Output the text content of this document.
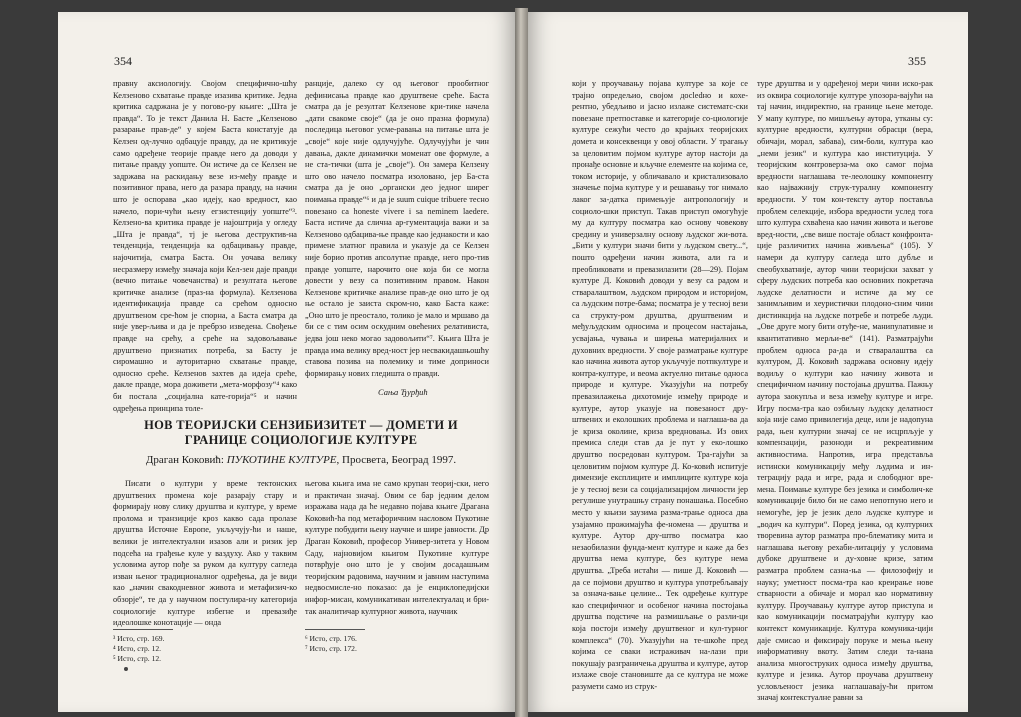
354

правну аксиологију. Својом специфично-шћу Келзеново схватање правде изазива критике. Једна критика садржана је у погово-ру књиге: „Шта је правда“. То је текст Данила Н. Басте „Келзеново разарање прав-де“ у којем Баста констатује да Келзен од-лучно одбацује правду, да не критикује само одређене теорије правде него да доводи у питање правду уопште. Он истиче да се Келзен не задржава на раскидању везе из-међу правде и позитивног права, него да разара правду, на начин што је оспорава „као идеју, као вредност, као начело, пори-чући њену егзистенцију уопште“³. Келзено-ва критика правде је најоштрија у огледу „Шта је правда“, тј је његова деструктив-на тенденција, тенденција ка одбацивању правде, најочитија, сматра Баста. Он уочава велику несразмеру између значаја који Кел-зен даје правди (вечно питање човечанства) и резултата његове критичке анализе (праз-на формула). Келзенова идентификација правде са срећом односно друштвеном сре-ћом је спорна, а Баста сматра да није увер-љива и да је пребрзо изведена. Свођење правде на срећу, а среће на задовољавање друштвено признатих потреба, за Басту је сиромашно и ауторитарно схватање правде, односно среће. Келзенов захтев да идеја среће, дакле правде, мора доживети „мета-морфозу“⁴ како би постала „социјална кате-горија“⁵ и начин одређења принципа толе-

ранције, далеко су од његовог прообитног дефинисања правде као друштвене среће. Баста сматра да је резултат Келзенове кри-тике начела „дати свакоме своје“ (да је оно празна формула) последица његовог усме-равања на питање шта је „своје“ које није одлучујуће. Одлучујући је чин давања, дакле динамички моменат ове формуле, а не ста-тички (шта је „своје“). Он замера Келзену што ово начело посматра изоловано, јер Ба-ста сматра да је оно „органски део једног ширег поимања правде“⁶ и да је suum cuique tribuere тесно повезано са honeste vivere i sa neminem laedere. Баста истиче да слична ар-гументација важи и за Келзеново одбацива-ње правде као једнакости и као примене златног правила и указује да се Келзен није борио против апсолутне правде, него про-тив правде уопште, нарочито оне која би се могла довести у везу са позитивним правом. Након Келзенове критичке анализе прав-де оно што је од ње остало је заиста скром-но, како Баста каже: „Оно што је преостало, толико је мало и мршаво да би се с тим осим оскудним овећених релативиста, једва још неко могао задовољити“⁷. Књига Шта је правда има велику вред-ност јер несвакидашњошћу ставова позива на полемику и тиме доприноси формирању нових гледишта о правди.

Сања Ђурђић
НОВ ТЕОРИЈСКИ СЕНЗИБИЗИТЕТ — ДОМЕТИ И ГРАНИЦЕ СОЦИОЛОГИЈЕ КУЛТУРЕ
Драган Коковић: ПУКОТИНЕ КУЛТУРЕ, Просвета, Београд 1997.

Писати о култури у време тектонских друштвених промена које разарају стару и формирају нову слику друштва и културе, у време пролома и транзиције кроз какво сада пролазе друштва Источне Европе, укључују-ћи и наше, велики је интелектуални изазов али и ризик јер подсећа на грађење куле у ваздуху. Ако у таквим условима аутор пође за руком да културу сагледа изван њеног традиционалног одређења, да је види као „начин свакодневног живота и метафизич-ко обзорје“, те да у научном постулира-ну категорија социологије културе избегне и превазиђе идеолошке конотације — онда

његова књига има не само крупан теориј-ски, него и практичан значај. Овим се бар једним делом изражава нада да ће недавно појава књиге Драгана Коковић-ћа под метафоричним насловом Пукотине културе побудити њену научне и шире јавности. Др Драган Коковић, професор Универ-зитета у Новом Саду, најновијом књигом Пукотине културе потврђује оно што је у својим досадашњим теоријским радовима, научним и јавним наступима недвосмисле-но показао: да је енциклопедијски инфор-мисан, комуникативан интелектуалац и бри-так аналитичар културног живота, научник

³ Исто, стр. 169.
⁴ Исто, стр. 12.
⁵ Исто, стр. 12.
⁶ Исто, стр. 176.
⁷ Исто, стр. 172.
355

који у проучавању појава културе за које се трајно опредељио, својом досledно и кохе-рентно, убедљиво и јасно излаже систематс-ски повезане претпоставке и категорије со-циологије културе сежући често до крајњих теоријских домета и консеквенци у овој области. У трагању за целовитим појмом културе аутор настоји да пронађе основне и кључне елементе на којима се, током историје, у обличавало и кристализовало значење појма културе у и решавању тог нимало лаког за-датка примењује антропологију и социоло-шки приступ. Такав приступ омогућује му да културу посматра као основу човекову средину и универзалну основу људског жи-вота. „Бити у култури значи бити у људском свету...“, пошто одређени начин живота, али га и преобликовати и превазилазити (28—29). Појам културе Д. Коковић доводи у везу са радом и стваралаштвом, људском природом и историјом, са људским потре-бама; посматра је у тесној вези са структу-ром друштва, друштвеним и међуљудским односима и процесом настајања, усвајања, чувања и ширења материјалних и духовних вредности. У своје разматрање културе као начина живота аутор укључује потпкултуре и контра-културе, и веома актуелно питање односа природе и културе. Указујући на потребу превазилажења дихотомије између природе и културе, аутор указује на повезаност дру-штвених и еколошких проблема и наглаша-ва да је криза околине, криза вредновања. Из ових премиса следи став да је пут у еко-лошко друштво посредован културом. Тра-гајући за целовитим појмом културе Д. Ко-ковић испитује димензије експлиците и имплиците културе која је у тесној вези са социјализацијом личности јер регулише унутрашњу страну понашања. Посебно место у књизи заузима разма-трање односа два узајамно прожимајућа фе-номена — друштва и културе. Аутор дру-штво посматра као незаобилазни фунда-мент културе и каже да без друштва нема културе, без културе нема друштва. „Треба истаћи — пише Д. Коковић — да се појмови друштво и култура употребљавају за означа-вање целине... Тек одређење културе као специфичног и особеног начина постојања друштва подстиче на размишљање о разли-ци која постоји између друштвеног и кул-турног комплекса“ (70). Указујући на те-шкоћe пред којима се сваки истраживач на-лази при покушају разграничења друштва и културе, аутор излаже своје становиште да се култура не може разумети само из струк-

туре друштва и у одређеној мери чини иско-рак из оквира социологије културе упозора-вајући на тај начин, индиректно, на границе њене методе. У мапу културе, по мишљењу аутора, утканы су: културне вредности, културни обрасци (вера, обичаји, морал, забава), сим-боли, култура као „неми језик“ и култура као институција. У теоријским контроверза-ма око самог појма вредности наглашава те-леолошку компоненту као најважнију струк-туралну компоненту вредности. У том кон-тексту аутор поставља проблем селекције, избора вредности услед тога што култура схваћена као начин живота и његове вред-ности, „све више постаје облаcт конфронта-ције различитих начина живљења“ (105). У намери да културу сагледа што дубље и свеобухватније, аутор чини теоријски захват у сферу људских потреба као основних покретача људске делатности и истиче да му се занимљивим и хеуристички плодоно-сним чини дистинкција на људске потребе и потребе људи. „Ове друге могу бити отуђе-не, манипулативне и квантитативно мерљи-ве“ (141). Разматрајући проблем односа ра-да и стваралаштва са културом, Д. Коковић задржава основну идеју водиљу о култури као начину живота и специфичном начину постојања друштва. Пажњу аутора заокупља и веза између културе и игре. Игру посма-тра као озбиљну људску делатност која није само привилегија деце, или је надопуна рада, њен културни значај се не исцрпљује у компензацији, разоноди и рекреативним активностима. Напротив, игра представља истински комуникацију међу људима и ин-теграцију рада и игре, рада и слободног вре-мена. Поимање културе без језика и симболич-ке комуникације било би не само непотпуно него и немогуће, јер је језик дело људске културе и „водич кa култури“. Поред језика, од културних творевина аутор разматра про-блематику мита и наглашава његову рехаби-литацију у условима дубоке друштвене и ду-ховне кризе, затим разматра проблем сазна-ња — филозофију и науку; уметност посма-тра као креирање нове стварности а обичаје и морал као нормативну културу. Проучавању културе аутор приступа и као комуникацији посматрајући културу као контекст комуникације. Култура комуника-цији даје смисао и фиксирају поруке и мења њену информативну вкоту. Затим следи та-нана анализа многоструких односа између друштва, културе и језика. Аутор проучава друштвену условљеност језика наглашавају-ћи притом значај контекстуалне равни за
